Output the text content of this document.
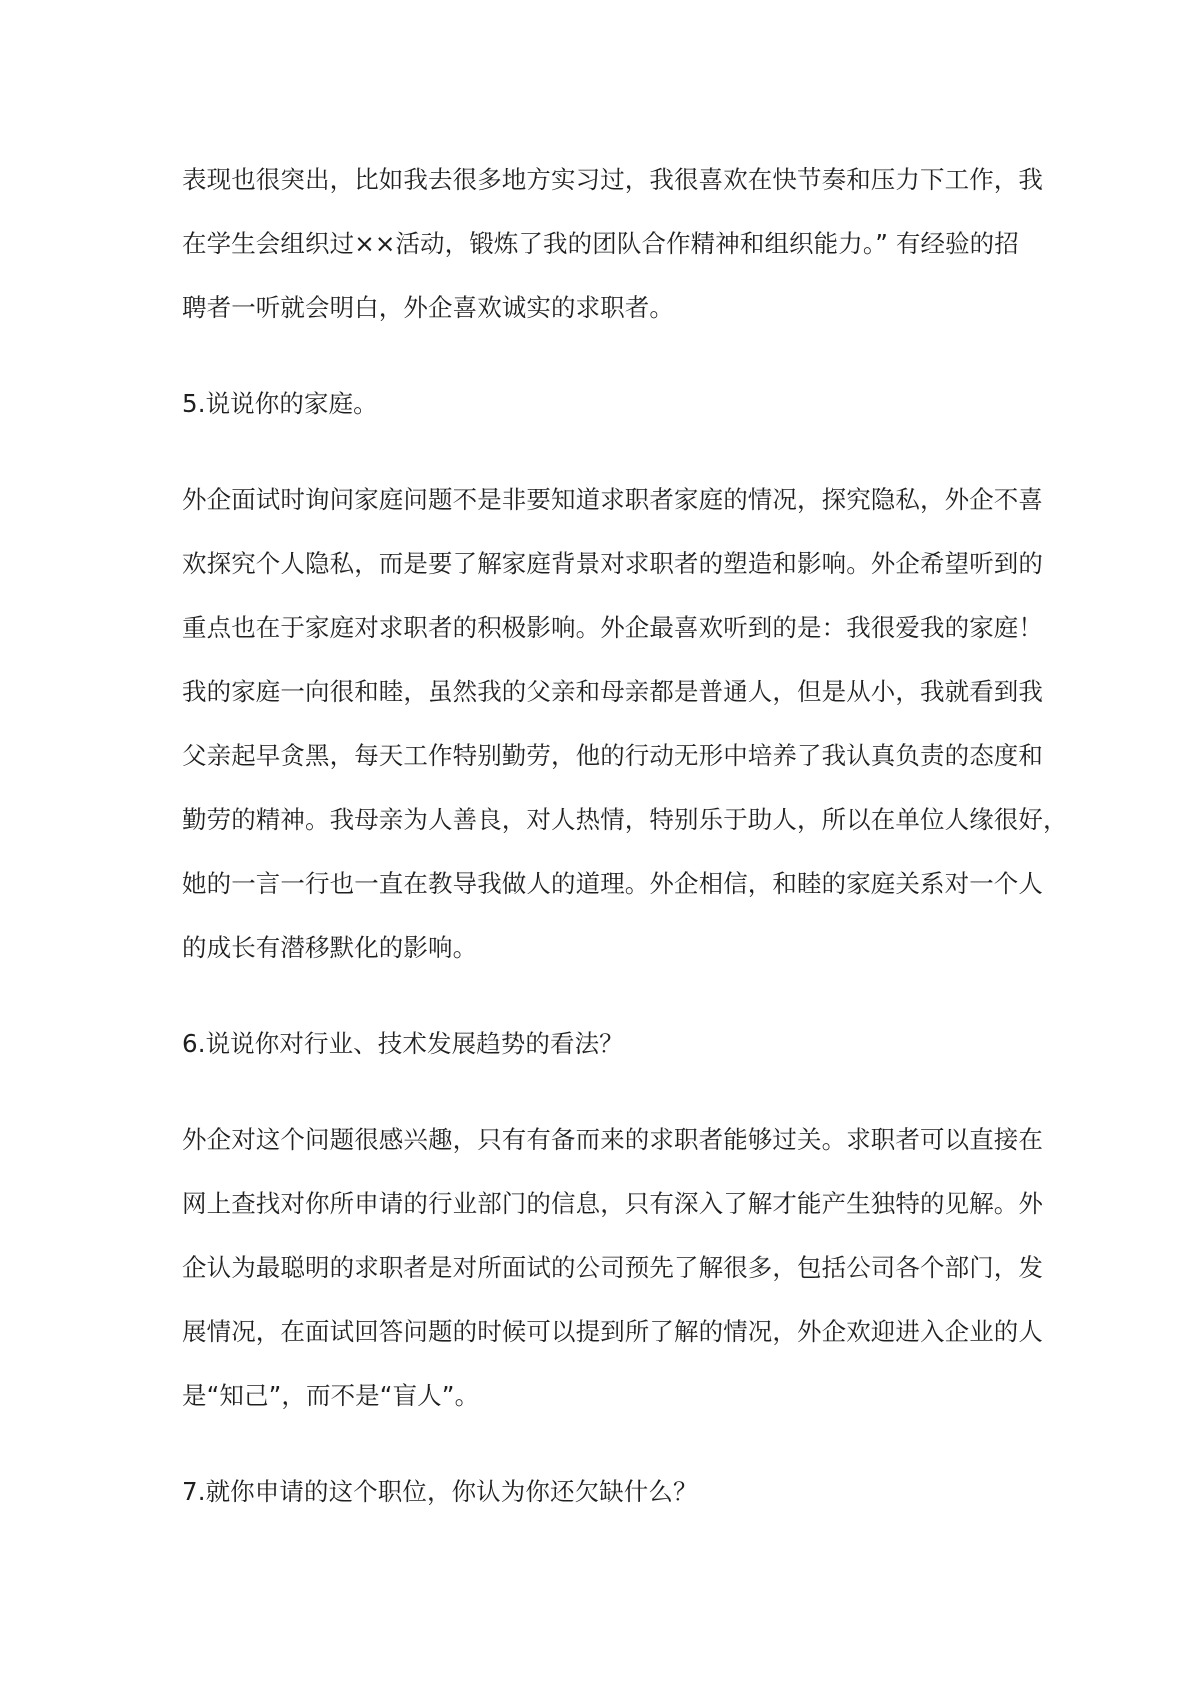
表现也很突出，比如我去很多地方实习过，我很喜欢在快节奏和压力下工作，我
在学生会组织过××活动，锻炼了我的团队合作精神和组织能力。” 有经验的招
聘者一听就会明白，外企喜欢诚实的求职者。
5.说说你的家庭。
外企面试时询问家庭问题不是非要知道求职者家庭的情况，探究隐私，外企不喜
欢探究个人隐私，而是要了解家庭背景对求职者的塑造和影响。外企希望听到的
重点也在于家庭对求职者的积极影响。外企最喜欢听到的是：我很爱我的家庭！
我的家庭一向很和睦，虽然我的父亲和母亲都是普通人，但是从小，我就看到我
父亲起早贪黑，每天工作特别勤劳，他的行动无形中培养了我认真负责的态度和
勤劳的精神。我母亲为人善良，对人热情，特别乐于助人，所以在单位人缘很好，
她的一言一行也一直在教导我做人的道理。外企相信，和睦的家庭关系对一个人
的成长有潜移默化的影响。
6.说说你对行业、技术发展趋势的看法？
外企对这个问题很感兴趣，只有有备而来的求职者能够过关。求职者可以直接在
网上查找对你所申请的行业部门的信息，只有深入了解才能产生独特的见解。外
企认为最聪明的求职者是对所面试的公司预先了解很多，包括公司各个部门，发
展情况，在面试回答问题的时候可以提到所了解的情况，外企欢迎进入企业的人
是“知己”，而不是“盲人”。
7.就你申请的这个职位，你认为你还欠缺什么？
